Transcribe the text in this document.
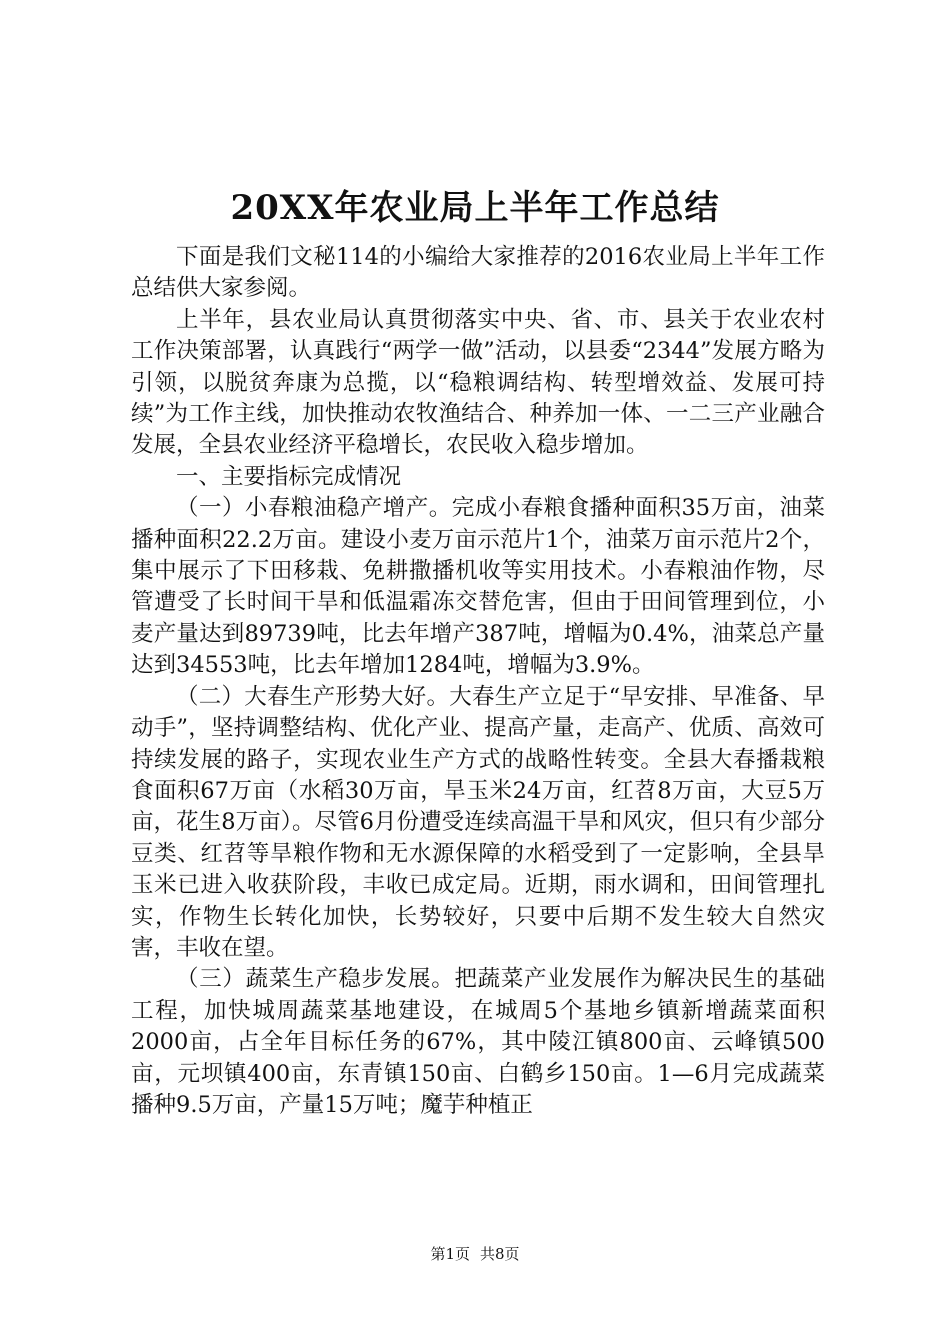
20XX年农业局上半年工作总结

下面是我们文秘114的小编给大家推荐的2016农业局上半年工作总结供大家参阅。

上半年，县农业局认真贯彻落实中央、省、市、县关于农业农村工作决策部署，认真践行“两学一做”活动，以县委“2344”发展方略为引领，以脱贫奔康为总揽，以“稳粮调结构、转型增效益、发展可持续”为工作主线，加快推动农牧渔结合、种养加一体、一二三产业融合发展，全县农业经济平稳增长，农民收入稳步增加。

一、主要指标完成情况

（一）小春粮油稳产增产。完成小春粮食播种面积35万亩，油菜播种面积22.2万亩。建设小麦万亩示范片1个，油菜万亩示范片2个，集中展示了下田移栽、免耕撒播机收等实用技术。小春粮油作物，尽管遭受了长时间干旱和低温霜冻交替危害，但由于田间管理到位，小麦产量达到89739吨，比去年增产387吨，增幅为0.4%，油菜总产量达到34553吨，比去年增加1284吨，增幅为3.9%。

（二）大春生产形势大好。大春生产立足于“早安排、早准备、早动手”，坚持调整结构、优化产业、提高产量，走高产、优质、高效可持续发展的路子，实现农业生产方式的战略性转变。全县大春播栽粮食面积67万亩（水稻30万亩，旱玉米24万亩，红苕8万亩，大豆5万亩，花生8万亩）。尽管6月份遭受连续高温干旱和风灾，但只有少部分豆类、红苕等旱粮作物和无水源保障的水稻受到了一定影响，全县旱玉米已进入收获阶段，丰收已成定局。近期，雨水调和，田间管理扎实，作物生长转化加快，长势较好，只要中后期不发生较大自然灾害，丰收在望。

（三）蔬菜生产稳步发展。把蔬菜产业发展作为解决民生的基础工程，加快城周蔬菜基地建设，在城周5个基地乡镇新增蔬菜面积2000亩，占全年目标任务的67%，其中陵江镇800亩、云峰镇500亩，元坝镇400亩，东青镇150亩、白鹤乡150亩。1—6月完成蔬菜播种9.5万亩，产量15万吨；魔芋种植正

第1页 共8页
